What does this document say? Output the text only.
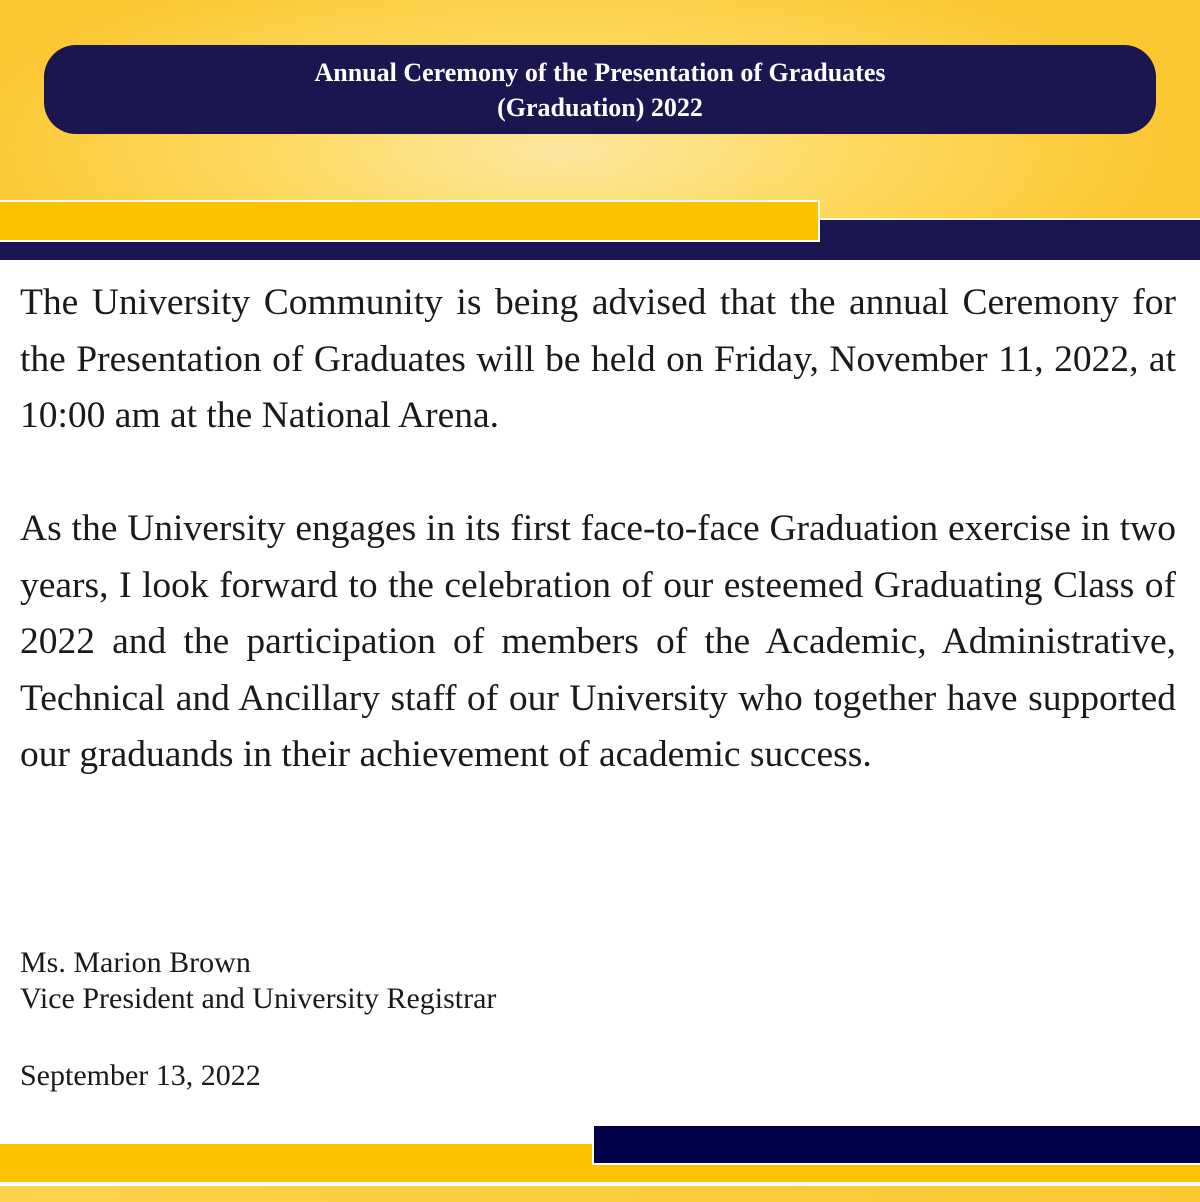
Annual Ceremony of the Presentation of Graduates
(Graduation) 2022

The University Community is being advised that the annual Ceremony for the Presentation of Graduates will be held on Friday, November 11, 2022, at 10:00 am at the National Arena.

As the University engages in its first face-to-face Graduation exercise in two years, I look forward to the celebration of our esteemed Graduating Class of 2022 and the participation of members of the Academic, Administrative, Technical and Ancillary staff of our University who together have supported our graduands in their achievement of academic success.

Ms. Marion Brown
Vice President and University Registrar
September 13, 2022
